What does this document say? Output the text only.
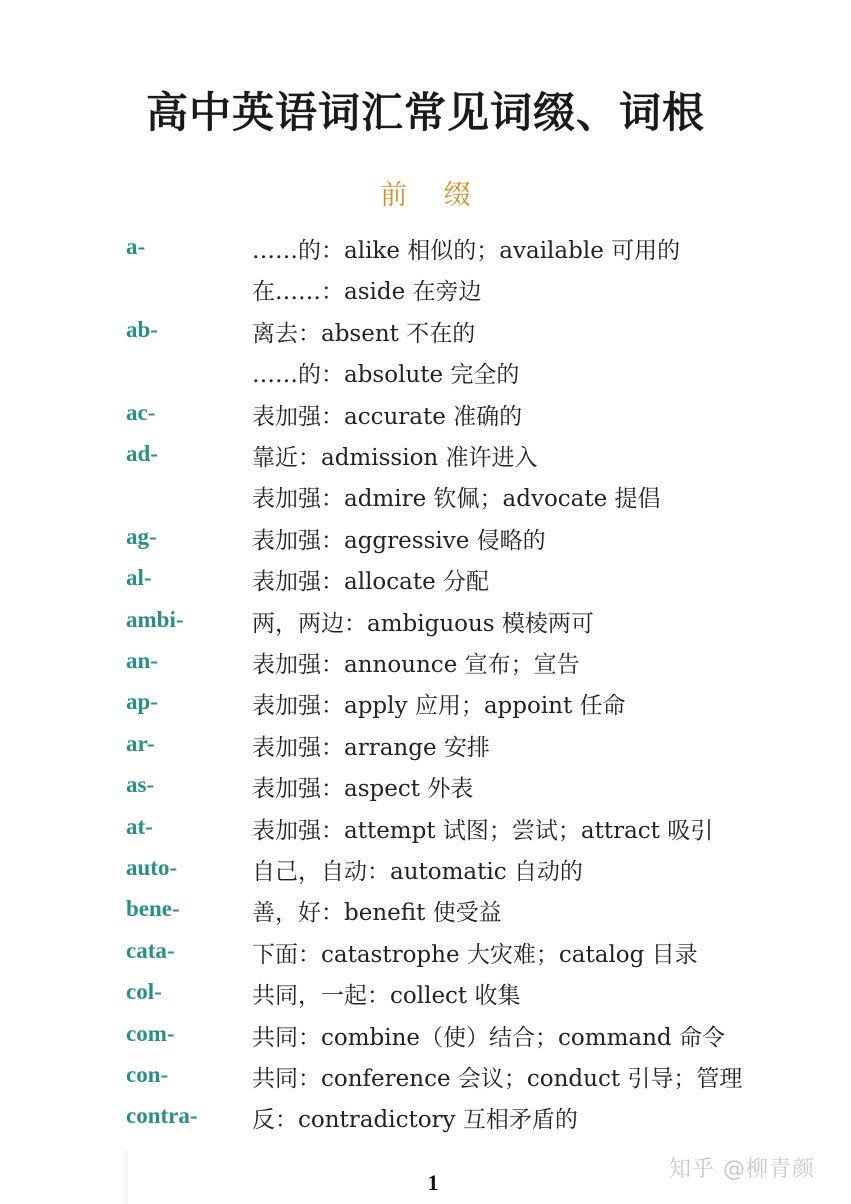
高中英语词汇常见词缀、词根
前 缀
a-	……的：alike 相似的；available 可用的
在……：aside 在旁边
ab-	离去：absent 不在的
……的：absolute 完全的
ac-	表加强：accurate 准确的
ad-	靠近：admission 准许进入
表加强：admire 钦佩；advocate 提倡
ag-	表加强：aggressive 侵略的
al-	表加强：allocate 分配
ambi-	两，两边：ambiguous 模棱两可
an-	表加强：announce 宣布；宣告
ap-	表加强：apply 应用；appoint 任命
ar-	表加强：arrange 安排
as-	表加强：aspect 外表
at-	表加强：attempt 试图；尝试；attract 吸引
auto-	自己，自动：automatic 自动的
bene-	善，好：benefit 使受益
cata-	下面：catastrophe 大灾难；catalog 目录
col-	共同，一起：collect 收集
com-	共同：combine（使）结合；command 命令
con-	共同：conference 会议；conduct 引导；管理
contra- 反：contradictory 互相矛盾的
1
知乎 @柳青颜
